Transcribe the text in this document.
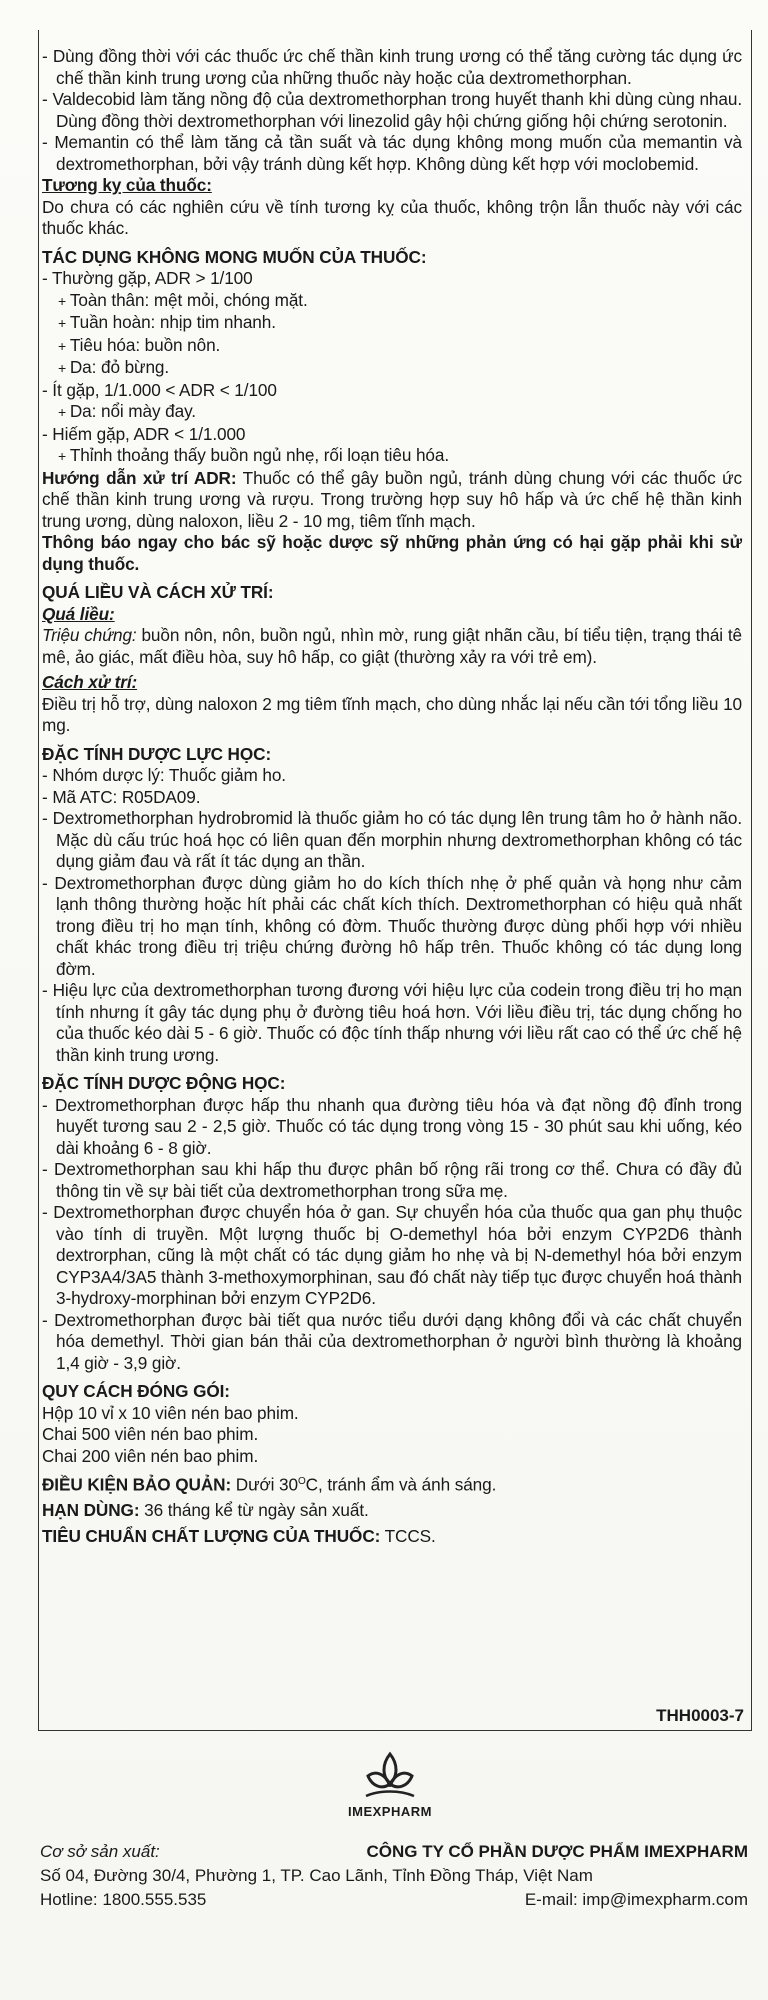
- Dùng đồng thời với các thuốc ức chế thần kinh trung ương có thể tăng cường tác dụng ức chế thần kinh trung ương của những thuốc này hoặc của dextromethorphan.

- Valdecobid làm tăng nồng độ của dextromethorphan trong huyết thanh khi dùng cùng nhau. Dùng đồng thời dextromethorphan với linezolid gây hội chứng giống hội chứng serotonin.

- Memantin có thể làm tăng cả tần suất và tác dụng không mong muốn của memantin và dextromethorphan, bởi vậy tránh dùng kết hợp. Không dùng kết hợp với moclobemid.

Tương kỵ của thuốc:

Do chưa có các nghiên cứu về tính tương kỵ của thuốc, không trộn lẫn thuốc này với các thuốc khác.

TÁC DỤNG KHÔNG MONG MUỐN CỦA THUỐC:

- Thường gặp, ADR > 1/100

+ Toàn thân: mệt mỏi, chóng mặt.

+ Tuần hoàn: nhịp tim nhanh.

+ Tiêu hóa: buồn nôn.

+ Da: đỏ bừng.

- Ít gặp, 1/1.000 < ADR < 1/100

+ Da: nổi mày đay.

- Hiếm gặp, ADR < 1/1.000

+ Thỉnh thoảng thấy buồn ngủ nhẹ, rối loạn tiêu hóa.

Hướng dẫn xử trí ADR: Thuốc có thể gây buồn ngủ, tránh dùng chung với các thuốc ức chế thần kinh trung ương và rượu. Trong trường hợp suy hô hấp và ức chế hệ thần kinh trung ương, dùng naloxon, liều 2 - 10 mg, tiêm tĩnh mạch.

Thông báo ngay cho bác sỹ hoặc dược sỹ những phản ứng có hại gặp phải khi sử dụng thuốc.

QUÁ LIỀU VÀ CÁCH XỬ TRÍ:

Quá liều:

Triệu chứng: buồn nôn, nôn, buồn ngủ, nhìn mờ, rung giật nhãn cầu, bí tiểu tiện, trạng thái tê mê, ảo giác, mất điều hòa, suy hô hấp, co giật (thường xảy ra với trẻ em).

Cách xử trí:

Điều trị hỗ trợ, dùng naloxon 2 mg tiêm tĩnh mạch, cho dùng nhắc lại nếu cần tới tổng liều 10 mg.

ĐẶC TÍNH DƯỢC LỰC HỌC:

- Nhóm dược lý: Thuốc giảm ho.

- Mã ATC: R05DA09.

- Dextromethorphan hydrobromid là thuốc giảm ho có tác dụng lên trung tâm ho ở hành não. Mặc dù cấu trúc hoá học có liên quan đến morphin nhưng dextromethorphan không có tác dụng giảm đau và rất ít tác dụng an thần.

- Dextromethorphan được dùng giảm ho do kích thích nhẹ ở phế quản và họng như cảm lạnh thông thường hoặc hít phải các chất kích thích. Dextromethorphan có hiệu quả nhất trong điều trị ho mạn tính, không có đờm. Thuốc thường được dùng phối hợp với nhiều chất khác trong điều trị triệu chứng đường hô hấp trên. Thuốc không có tác dụng long đờm.

- Hiệu lực của dextromethorphan tương đương với hiệu lực của codein trong điều trị ho mạn tính nhưng ít gây tác dụng phụ ở đường tiêu hoá hơn. Với liều điều trị, tác dụng chống ho của thuốc kéo dài 5 - 6 giờ. Thuốc có độc tính thấp nhưng với liều rất cao có thể ức chế hệ thần kinh trung ương.

ĐẶC TÍNH DƯỢC ĐỘNG HỌC:

- Dextromethorphan được hấp thu nhanh qua đường tiêu hóa và đạt nồng độ đỉnh trong huyết tương sau 2 - 2,5 giờ. Thuốc có tác dụng trong vòng 15 - 30 phút sau khi uống, kéo dài khoảng 6 - 8 giờ.

- Dextromethorphan sau khi hấp thu được phân bố rộng rãi trong cơ thể. Chưa có đầy đủ thông tin về sự bài tiết của dextromethorphan trong sữa mẹ.

- Dextromethorphan được chuyển hóa ở gan. Sự chuyển hóa của thuốc qua gan phụ thuộc vào tính di truyền. Một lượng thuốc bị O-demethyl hóa bởi enzym CYP2D6 thành dextrorphan, cũng là một chất có tác dụng giảm ho nhẹ và bị N-demethyl hóa bởi enzym CYP3A4/3A5 thành 3-methoxymorphinan, sau đó chất này tiếp tục được chuyển hoá thành 3-hydroxy-morphinan bởi enzym CYP2D6.

- Dextromethorphan được bài tiết qua nước tiểu dưới dạng không đổi và các chất chuyển hóa demethyl. Thời gian bán thải của dextromethorphan ở người bình thường là khoảng 1,4 giờ - 3,9 giờ.

QUY CÁCH ĐÓNG GÓI:

Hộp 10 vỉ x 10 viên nén bao phim.

Chai 500 viên nén bao phim.

Chai 200 viên nén bao phim.

ĐIỀU KIỆN BẢO QUẢN: Dưới $30^OC$, tránh ẩm và ánh sáng.

HẠN DÙNG: 36 tháng kể từ ngày sản xuất.

TIÊU CHUẨN CHẤT LƯỢNG CỦA THUỐC: TCCS.

THH0003-7
IMEXPHARM
Cơ sở sản xuất:	CÔNG TY CỔ PHẦN DƯỢC PHẨM IMEXPHARM
Số 04, Đường 30/4, Phường 1, TP. Cao Lãnh, Tỉnh Đồng Tháp, Việt Nam
Hotline: 1800.555.535	E-mail: imp@imexpharm.com
